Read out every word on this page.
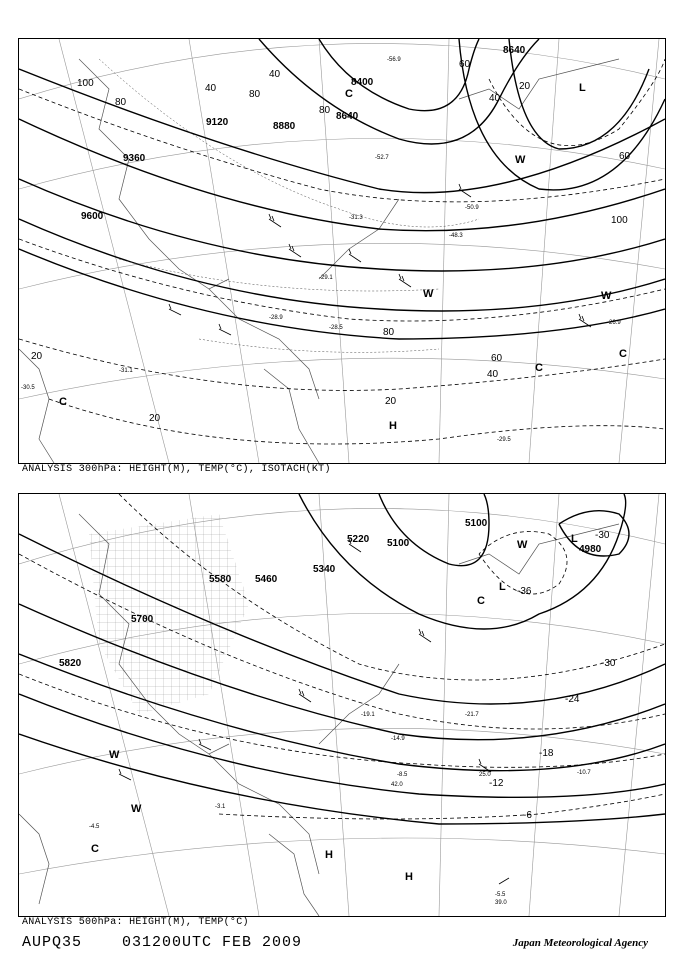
8640
8400
8640
8880
9120
9360
9600
100
80
40
80
40
80
60
20
40
60
100
80
60
40
20
20
20
-26.9
-28.9
-29.1
-31.1
-29.5
-30.5
-28.5
-31.3
-48.3
-50.9
-52.7
-56.9
L
H
C
C
W
W	W
C
C
ANALYSIS 300hPa: HEIGHT(M), TEMP(°C), ISOTACH(KT)
5100
5100
4980
5220
5340
5460
5580
5700
5820
-30
-36
-30
-24
-18
-12
-6
-5.5
39.0
-4.5
-3.1
-14.9
-19.1	-21.7
-10.7
-8.5	25.0
42.0
L
H
H
L
W
W
W
C
C
ANALYSIS 500hPa: HEIGHT(M), TEMP(°C)
AUPQ35	031200UTC FEB 2009	Japan Meteorological Agency
